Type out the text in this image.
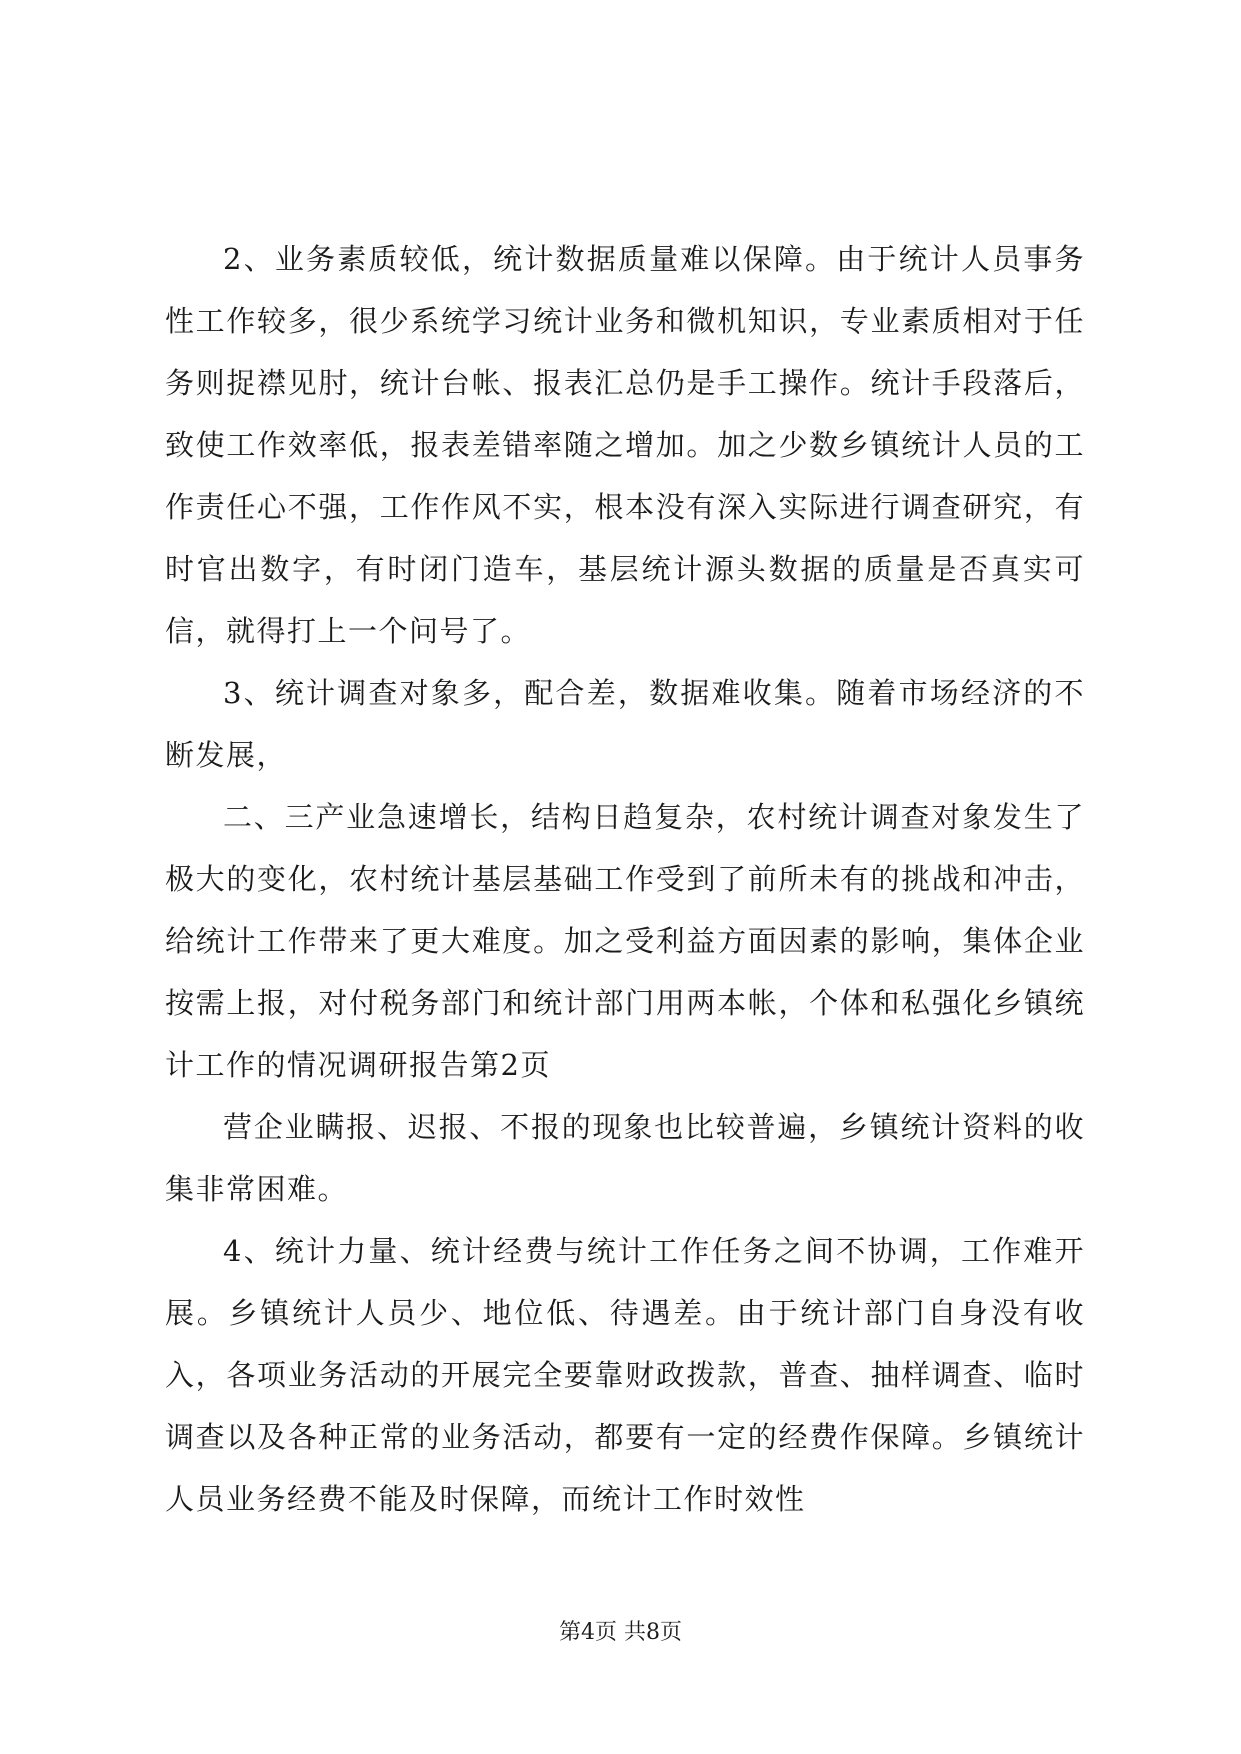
2、业务素质较低，统计数据质量难以保障。由于统计人员事务性工作较多，很少系统学习统计业务和微机知识，专业素质相对于任务则捉襟见肘，统计台帐、报表汇总仍是手工操作。统计手段落后，致使工作效率低，报表差错率随之增加。加之少数乡镇统计人员的工作责任心不强，工作作风不实，根本没有深入实际进行调查研究，有时官出数字，有时闭门造车，基层统计源头数据的质量是否真实可信，就得打上一个问号了。

3、统计调查对象多，配合差，数据难收集。随着市场经济的不断发展，

二、三产业急速增长，结构日趋复杂，农村统计调查对象发生了极大的变化，农村统计基层基础工作受到了前所未有的挑战和冲击，给统计工作带来了更大难度。加之受利益方面因素的影响，集体企业按需上报，对付税务部门和统计部门用两本帐，个体和私强化乡镇统计工作的情况调研报告第2页

营企业瞒报、迟报、不报的现象也比较普遍，乡镇统计资料的收集非常困难。

4、统计力量、统计经费与统计工作任务之间不协调，工作难开展。乡镇统计人员少、地位低、待遇差。由于统计部门自身没有收入，各项业务活动的开展完全要靠财政拨款，普查、抽样调查、临时调查以及各种正常的业务活动，都要有一定的经费作保障。乡镇统计人员业务经费不能及时保障，而统计工作时效性

第4页 共8页
